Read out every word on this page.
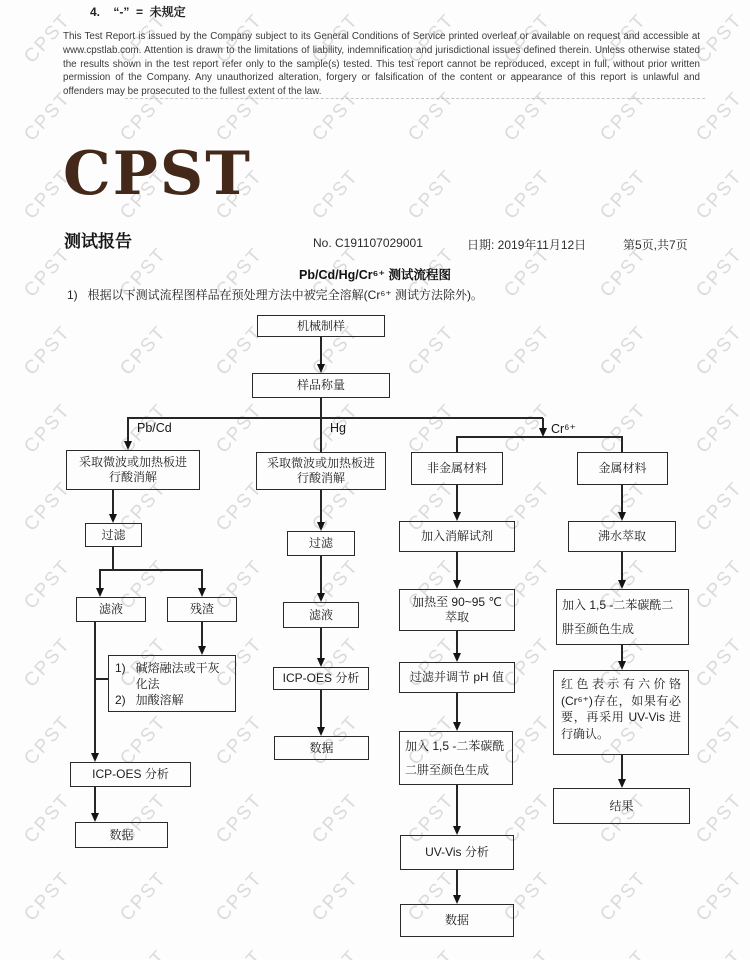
4.    “-”  =  未规定
This Test Report is issued by the Company subject to its General Conditions of Service printed overleaf or available on request and accessible at www.cpstlab.com. Attention is drawn to the limitations of liability, indemnification and jurisdictional issues defined therein. Unless otherwise stated the results shown in the test report refer only to the sample(s) tested. This test report cannot be reproduced, except in full, without prior written permission of the Company. Any unauthorized alteration, forgery or falsification of the content or appearance of this report is unlawful and offenders may be prosecuted to the fullest extent of the law.
CPST
测试报告	No. C191107029001	日期: 2019年11月12日	第5页,共7页
Pb/Cd/Hg/Cr⁶⁺ 测试流程图
1)   根据以下测试流程图样品在预处理方法中被完全溶解(Cr⁶⁺ 测试方法除外)。
机械制样
样品称量
采取微波或加热板进行酸消解
采取微波或加热板进行酸消解
非金属材料	金属材料
过滤
过滤	加入消解试剂	沸水萃取
滤液	残渣	滤液
加热至 90~95 ℃ 萃取
加入 1,5 -二苯碳酰二肼至颜色生成
1) 碱熔融法或干灰化法
2) 加酸溶解
ICP-OES 分析	过滤并调节 pH 值	红色表示有六价铬(Cr⁶⁺)存在，如果有必要，再采用 UV-Vis 进行确认。
ICP-OES 分析
数据	加入 1,5 -二苯碳酰二肼至颜色生成
结果
数据
UV-Vis 分析
数据
Pb/Cd	Hg	Cr⁶⁺
